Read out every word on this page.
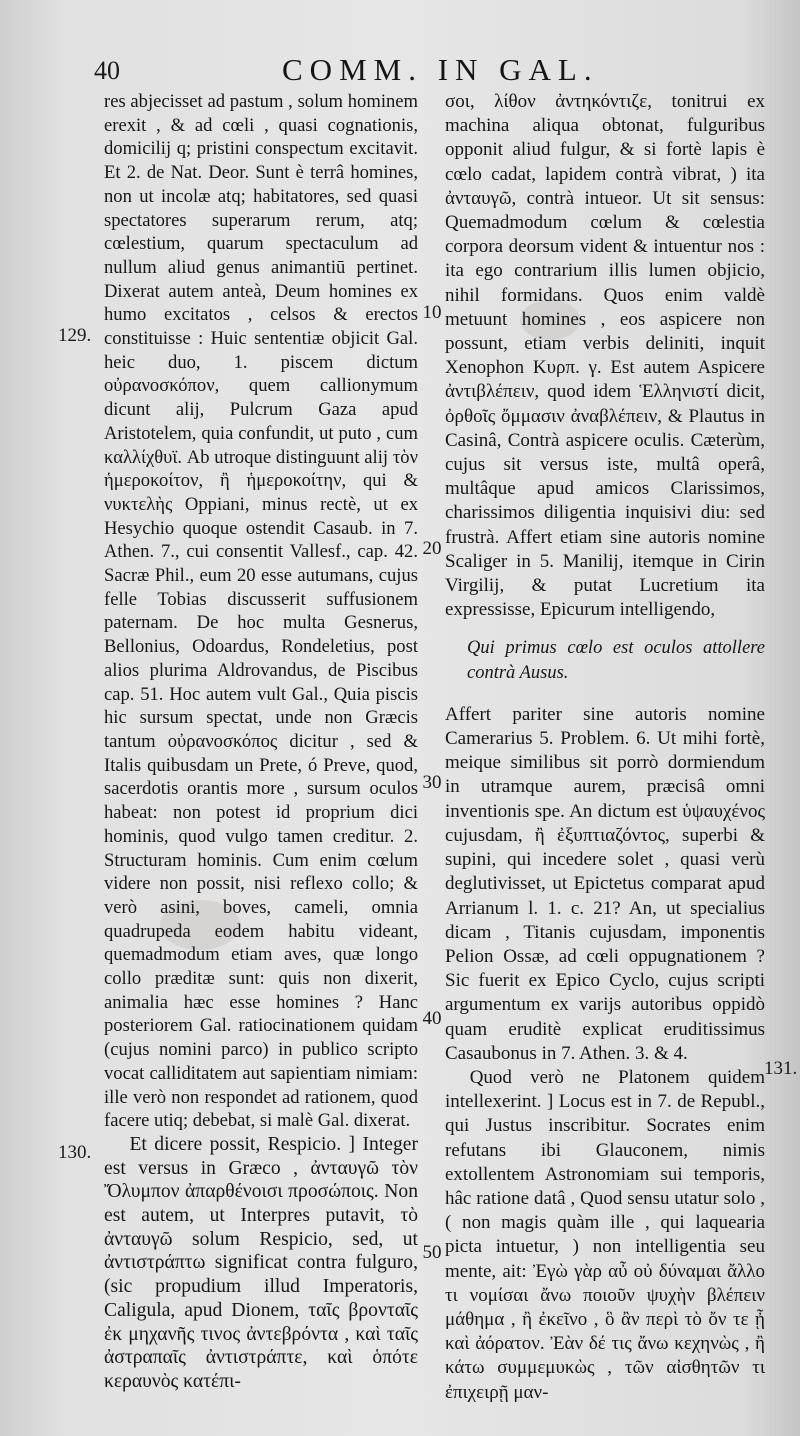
40	COMM. IN GAL.

res abjecisset ad pastum , solum hominem erexit , & ad cœli , quasi cognationis, domicilij q; pristini conspectum excitavit. Et 2. de Nat. Deor. Sunt è terrâ homines, non ut incolæ atq; habitatores, sed quasi spectatores superarum rerum, atq; cœlestium, quarum spectaculum ad nullum aliud genus animantiū pertinet. Dixerat autem anteà, Deum homines ex humo excitatos , celsos & erectos constituisse : Huic sententiæ objicit Gal. heic duo, 1. piscem dictum οὐρανοσκόπον, quem callionymum dicunt alij, Pulcrum Gaza apud Aristotelem, quia confundit, ut puto , cum καλλίχθυϊ. Ab utroque distinguunt alij τὸν ἡμεροκοίτον, ἢ ἡμεροκοίτην, qui & νυκτελὴς Oppiani, minus rectè, ut ex Hesychio quoque ostendit Casaub. in 7. Athen. 7., cui consentit Vallesf., cap. 42. Sacræ Phil., eum 20 esse autumans, cujus felle Tobias discusserit suffusionem paternam. De hoc multa Gesnerus, Bellonius, Odoardus, Rondeletius, post alios plurima Aldrovandus, de Piscibus cap. 51. Hoc autem vult Gal., Quia piscis hic sursum spectat, unde non Græcis tantum οὐρανοσκόπος dicitur , sed & Italis quibusdam un Prete, ó Preve, quod, sacerdotis orantis more , sursum oculos habeat: non potest id proprium dici hominis, quod vulgo tamen creditur. 2. Structuram hominis. Cum enim cœlum videre non possit, nisi reflexo collo; & verò asini, boves, cameli, omnia quadrupeda eodem habitu videant, quemadmodum etiam aves, quæ longo collo præditæ sunt: quis non dixerit, animalia hæc esse homines ? Hanc posteriorem Gal. ratiocinationem quidam (cujus nomini parco) in publico scripto vocat calliditatem aut sapientiam nimiam: ille verò non respondet ad rationem, quod facere utiq; debebat, si malè Gal. dixerat.

Et dicere possit, Respicio. ] Integer est versus in Græco , ἀνταυγῶ τὸν Ὄλυμπον ἀπαρθένοισι προσώποις. Non est autem, ut Interpres putavit, τὸ ἀνταυγῶ solum Respicio, sed, ut ἀντιστράπτω significat contra fulguro, (sic propudium illud Imperatoris, Caligula, apud Dionem, ταῖς βρονταῖς ἐκ μηχανῆς τινος ἀντεβρόντα , καὶ ταῖς ἀστραπαῖς ἀντιστράπτε, καὶ ὁπότε κεραυνὸς κατέπι-

σοι, λίθον ἀντηκόντιζε, tonitrui ex machina aliqua obtonat, fulguribus opponit aliud fulgur, & si fortè lapis è cœlo cadat, lapidem contrà vibrat, ) ita ἀνταυγῶ, contrà intueor. Ut sit sensus: Quemadmodum cœlum & cœlestia corpora deorsum vident & intuentur nos : ita ego contrarium illis lumen objicio, nihil formidans. Quos enim valdè metuunt homines , eos aspicere non possunt, etiam verbis deliniti, inquit Xenophon Κυρπ. γ. Est autem Aspicere ἀντιβλέπειν, quod idem Ἑλληνιστί dicit, ὀρθοῖς ὄμμασιν ἀναβλέπειν, & Plautus in Casinâ, Contrà aspicere oculis. Cæterùm, cujus sit versus iste, multâ operâ, multâque apud amicos Clarissimos, charissimos diligentia inquisivi diu: sed frustrà. Affert etiam sine autoris nomine Scaliger in 5. Manilij, itemque in Cirin Virgilij, & putat Lucretium ita expressisse, Epicurum intelligendo,

Qui primus cœlo est oculos attollere contrà Ausus.

Affert pariter sine autoris nomine Camerarius 5. Problem. 6. Ut mihi fortè, meique similibus sit porrò dormiendum in utramque aurem, præcisâ omni inventionis spe. An dictum est ὑψαυχένος cujusdam, ἢ ἐξυπτιαζόντος, superbi & supini, qui incedere solet , quasi verù deglutivisset, ut Epictetus comparat apud Arrianum l. 1. c. 21? An, ut specialius dicam , Titanis cujusdam, imponentis Pelion Ossæ, ad cœli oppugnationem ? Sic fuerit ex Epico Cyclo, cujus scripti argumentum ex varijs autoribus oppidò quam eruditè explicat eruditissimus Casaubonus in 7. Athen. 3. & 4.

Quod verò ne Platonem quidem intellexerint. ] Locus est in 7. de Republ., qui Justus inscribitur. Socrates enim refutans ibi Glauconem, nimis extollentem Astronomiam sui temporis, hâc ratione datâ , Quod sensu utatur solo , ( non magis quàm ille , qui laquearia picta intuetur, ) non intelligentia seu mente, ait: Ἐγὼ γὰρ αὖ οὐ δύναμαι ἄλλο τι νομίσαι ἄνω ποιοῦν ψυχὴν βλέπειν μάθημα , ἢ ἐκεῖνο , ὃ ἂν περὶ τὸ ὄν τε ᾖ καὶ ἀόρατον. Ἐὰν δέ τις ἄνω κεχηνὼς , ἢ κάτω συμμεμυκὼς , τῶν αἰσθητῶν τι ἐπιχειρῇ μαν-

129.
130.
131.
10
20
30
40
50
